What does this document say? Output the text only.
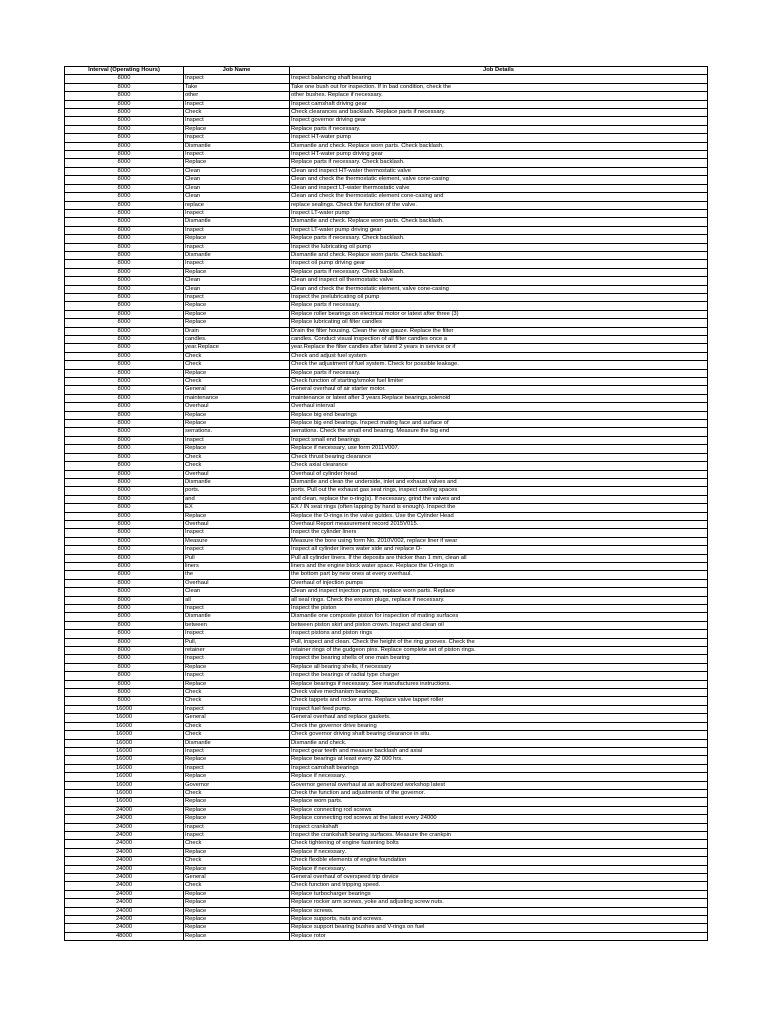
Interval (Operating Hours)	Job Name	Job Details
8000	Inspect	Inspect balancing shaft bearing
8000	Take	Take one bush out for inspection. If in bad condition, check the
8000	other	other bushes. Replace if necessary.
8000	Inspect	Inspect camshaft driving gear
8000	Check	Check clearances and backlash. Replace parts if necessary.
8000	Inspect	Inspect governor driving gear
8000	Replace	Replace parts if necessary.
8000	Inspect	Inspect HT-water pump
8000	Dismantle	Dismantle and check. Replace worn parts. Check backlash.
8000	Inspect	Inspect HT-water pump driving gear
8000	Replace	Replace parts if necessary. Check backlash.
8000	Clean	Clean and inspect HT-water thermostatic valve
8000	Clean	Clean and check the thermostatic element, valve cone-casing
8000	Clean	Clean and inspect LT-water thermostatic valve
8000	Clean	Clean and check the thermostatic element cone-casing and
8000	replace	replace sealings. Check the function of the valve.
8000	Inspect	Inspect LT-water pump
8000	Dismantle	Dismantle and check. Replace worn parts. Check backlash.
8000	Inspect	Inspect LT-water pump driving gear
8000	Replace	Replace parts if necessary. Check backlash.
8000	Inspect	Inspect the lubricating oil pump
8000	Dismantle	Dismantle and check. Replace worn parts. Check backlash.
8000	Inspect	Inspect oil pump driving gear
8000	Replace	Replace parts if necessary. Check backlash.
8000	Clean	Clean and inspect oil thermostatic valve
8000	Clean	Clean and check the thermostatic element, valve cone-casing
8000	Inspect	Inspect the prelubricating oil pump
8000	Replace	Replace parts if necessary.
8000	Replace	Replace roller bearings on electrical motor or latest after three (3)
8000	Replace	Replace lubricating oil filter candles
8000	Drain	Drain the filter housing. Clean the wire gauze. Replace the filter
8000	candles.	candles. Conduct visual inspection of all filter candles once a
8000	year.Replace	year.Replace the filter candles after latest 2 years in service or if
8000	Check	Check and adjust fuel system
8000	Check	Check the adjustment of fuel system. Check for possible leakage.
8000	Replace	Replace parts if necessary.
8000	Check	Check function of starting/smoke fuel limiter
8000	General	General overhaul of air starter motor.
8000	maintenance	maintenance or latest after 3 years.Replace bearings,solenoid
8000	Overhaul	Overhaul interval
8000	Replace	Replace big end bearings
8000	Replace	Replace big end bearings. Inspect mating face and surface of
8000	serrations.	serrations. Check the small end bearing. Measure the big end
8000	Inspect	Inspect small end bearings
8000	Replace	Replace if necessary, use form 2011V007.
8000	Check	Check thrust bearing clearance
8000	Check	Check axial clearance
8000	Overhaul	Overhaul of cylinder head
8000	Dismantle	Dismantle and clean the underside, inlet and exhaust valves and
8000	ports.	ports. Pull out the exhaust gas seat rings, inspect cooling spaces
8000	and	and clean, replace the o-ring(s). If necessary, grind the valves and
8000	EX	EX / IN seat rings (often lapping by hand is enough). Inspect the
8000	Replace	Replace the O-rings in the valve guides. Use the Cylinder Head
8000	Overhaul	Overhaul Report measurement record 2015V015.
8000	Inspect	Inspect the cylinder liners
8000	Measure	Measure the bore using form No. 2010V002, replace liner if wear
8000	Inspect	Inspect all cylinder liners water side and replace O-
8000	Pull	Pull all cylinder liners. If the deposits are thicker than 1 mm, clean all
8000	liners	liners and the engine block water space. Replace the O-rings in
8000	the	the bottom part by new ones at every overhaul.
8000	Overhaul	Overhaul of injection pumps
8000	Clean	Clean and inspect injection pumps, replace worn parts. Replace
8000	all	all seal rings. Check the erosion plugs, replace if necessary.
8000	Inspect	Inspect the piston
8000	Dismantle	Dismantle one composite piston for inspection of mating surfaces
8000	between	between piston skirt and piston crown. Inspect and clean oil
8000	Inspect	Inspect pistons and piston rings
8000	Pull,	Pull, inspect and clean. Check the height of the ring grooves. Check the
8000	retainer	retainer rings of the gudgeon pins. Replace complete set of piston rings.
8000	Inspect	Inspect the bearing shells of one main bearing
8000	Replace	Replace all bearing shells, if necessary
8000	Inspect	Inspect the bearings of radial type charger
8000	Replace	Replace bearings if necessary. See manufactures instructions.
8000	Check	Check valve mechanism bearings.
8000	Check	Check tappets and rocker arms. Replace valve tappet roller
16000	Inspect	Inspect fuel feed pump.
16000	General	General overhaul and replace gaskets.
16000	Check	Check the governor drive bearing
16000	Check	Check governor driving shaft bearing clearance in situ.
16000	Dismantle	Dismantle and check.
16000	Inspect	Inspect gear teeth and measure backlash and axial
16000	Replace	Replace bearings at least every 32 000 hrs.
16000	Inspect	Inspect camshaft bearings
16000	Replace	Replace if necessary.
16000	Governor	Governor general overhaul at an authorized workshop latest
16000	Check	Check the function and adjustments of the governor.
16000	Replace	Replace worn parts.
24000	Replace	Replace connecting rod screws
24000	Replace	Replace connecting rod screws at the latest every 24000
24000	Inspect	Inspect crankshaft
24000	Inspect	Inspect the crankshaft bearing surfaces. Measure the crankpin
24000	Check	Check tightening of engine fastening bolts
24000	Replace	Replace if necessary.
24000	Check	Check flexible elements of engine foundation
24000	Replace	Replace if necessary.
24000	General	General overhaul of overspeed trip device
24000	Check	Check function and tripping speed.
24000	Replace	Replace turbocharger bearings
24000	Replace	Replace rocker arm screws, yoke and adjusting screw nuts.
24000	Replace	Replace screws.
24000	Replace	Replace supports, nuts and screws.
24000	Replace	Replace support bearing bushes and V-rings on fuel
48000	Replace	Replace rotor
